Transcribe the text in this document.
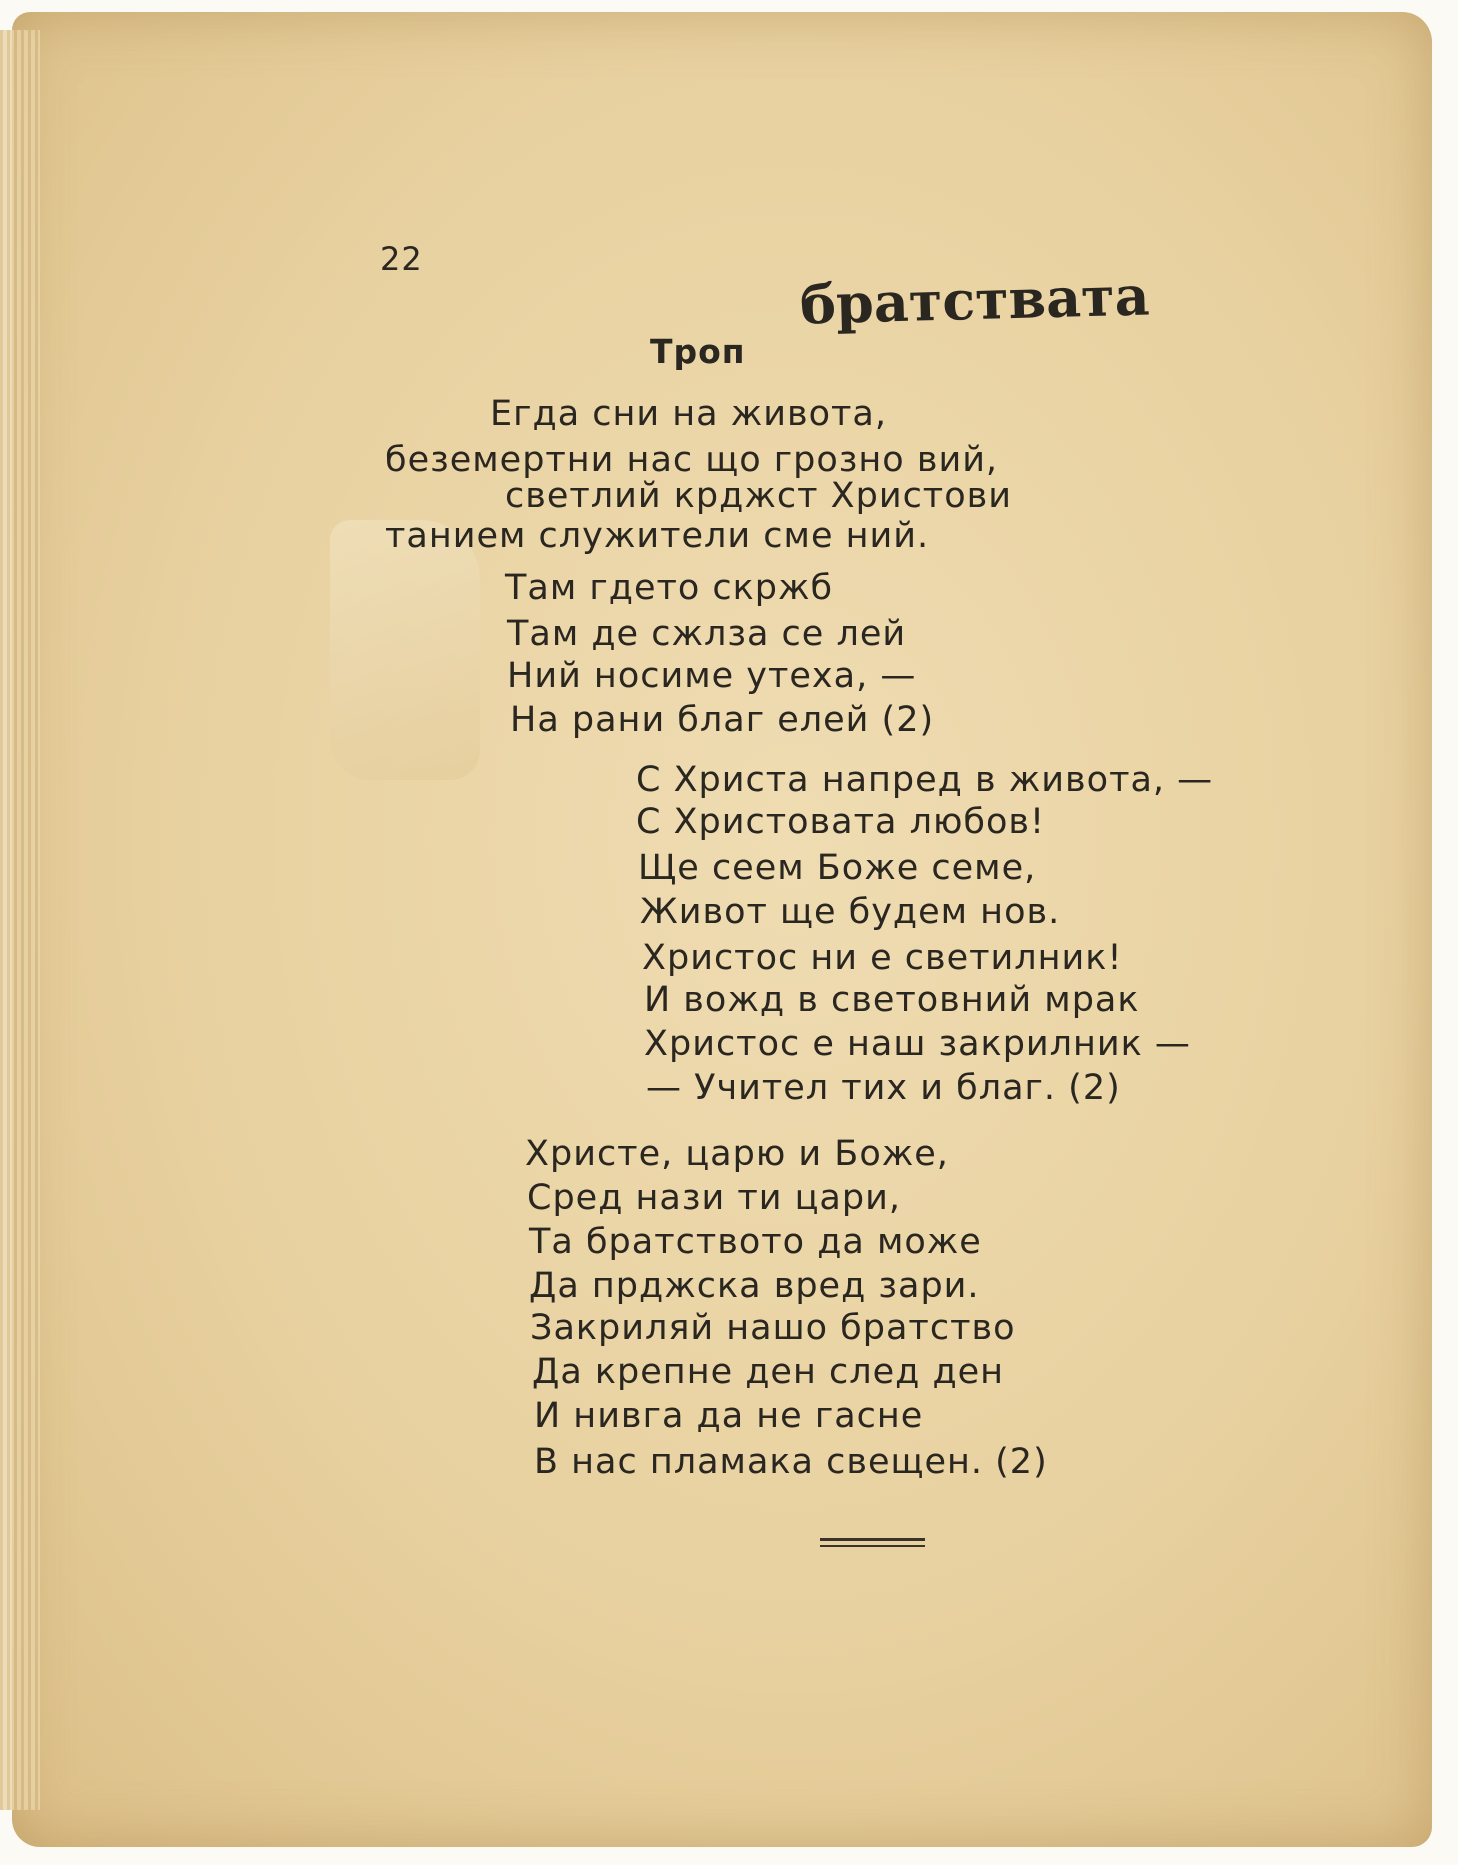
22
Троп
братствата
Егда сни на живота,
беземертни нас що грозно вий,
светлий крджст Христови
танием служители сме ний.
Там гдето скржб
Там де сжлза се лей
Ний носиме утеха, —
На рани благ елей (2)
С Христа напред в живота, —
С Христовата любов!
Ще сеем Боже семе,
Живот ще будем нов.
Христос ни е светилник!
И вожд в световний мрак
Христос е наш закрилник —
— Учител тих и благ. (2)
Христе, царю и Боже,
Сред нази ти цари,
Та братството да може
Да прджска вред зари.
Закриляй нашо братство
Да крепне ден след ден
И нивга да не гасне
В нас пламака свещен. (2)
